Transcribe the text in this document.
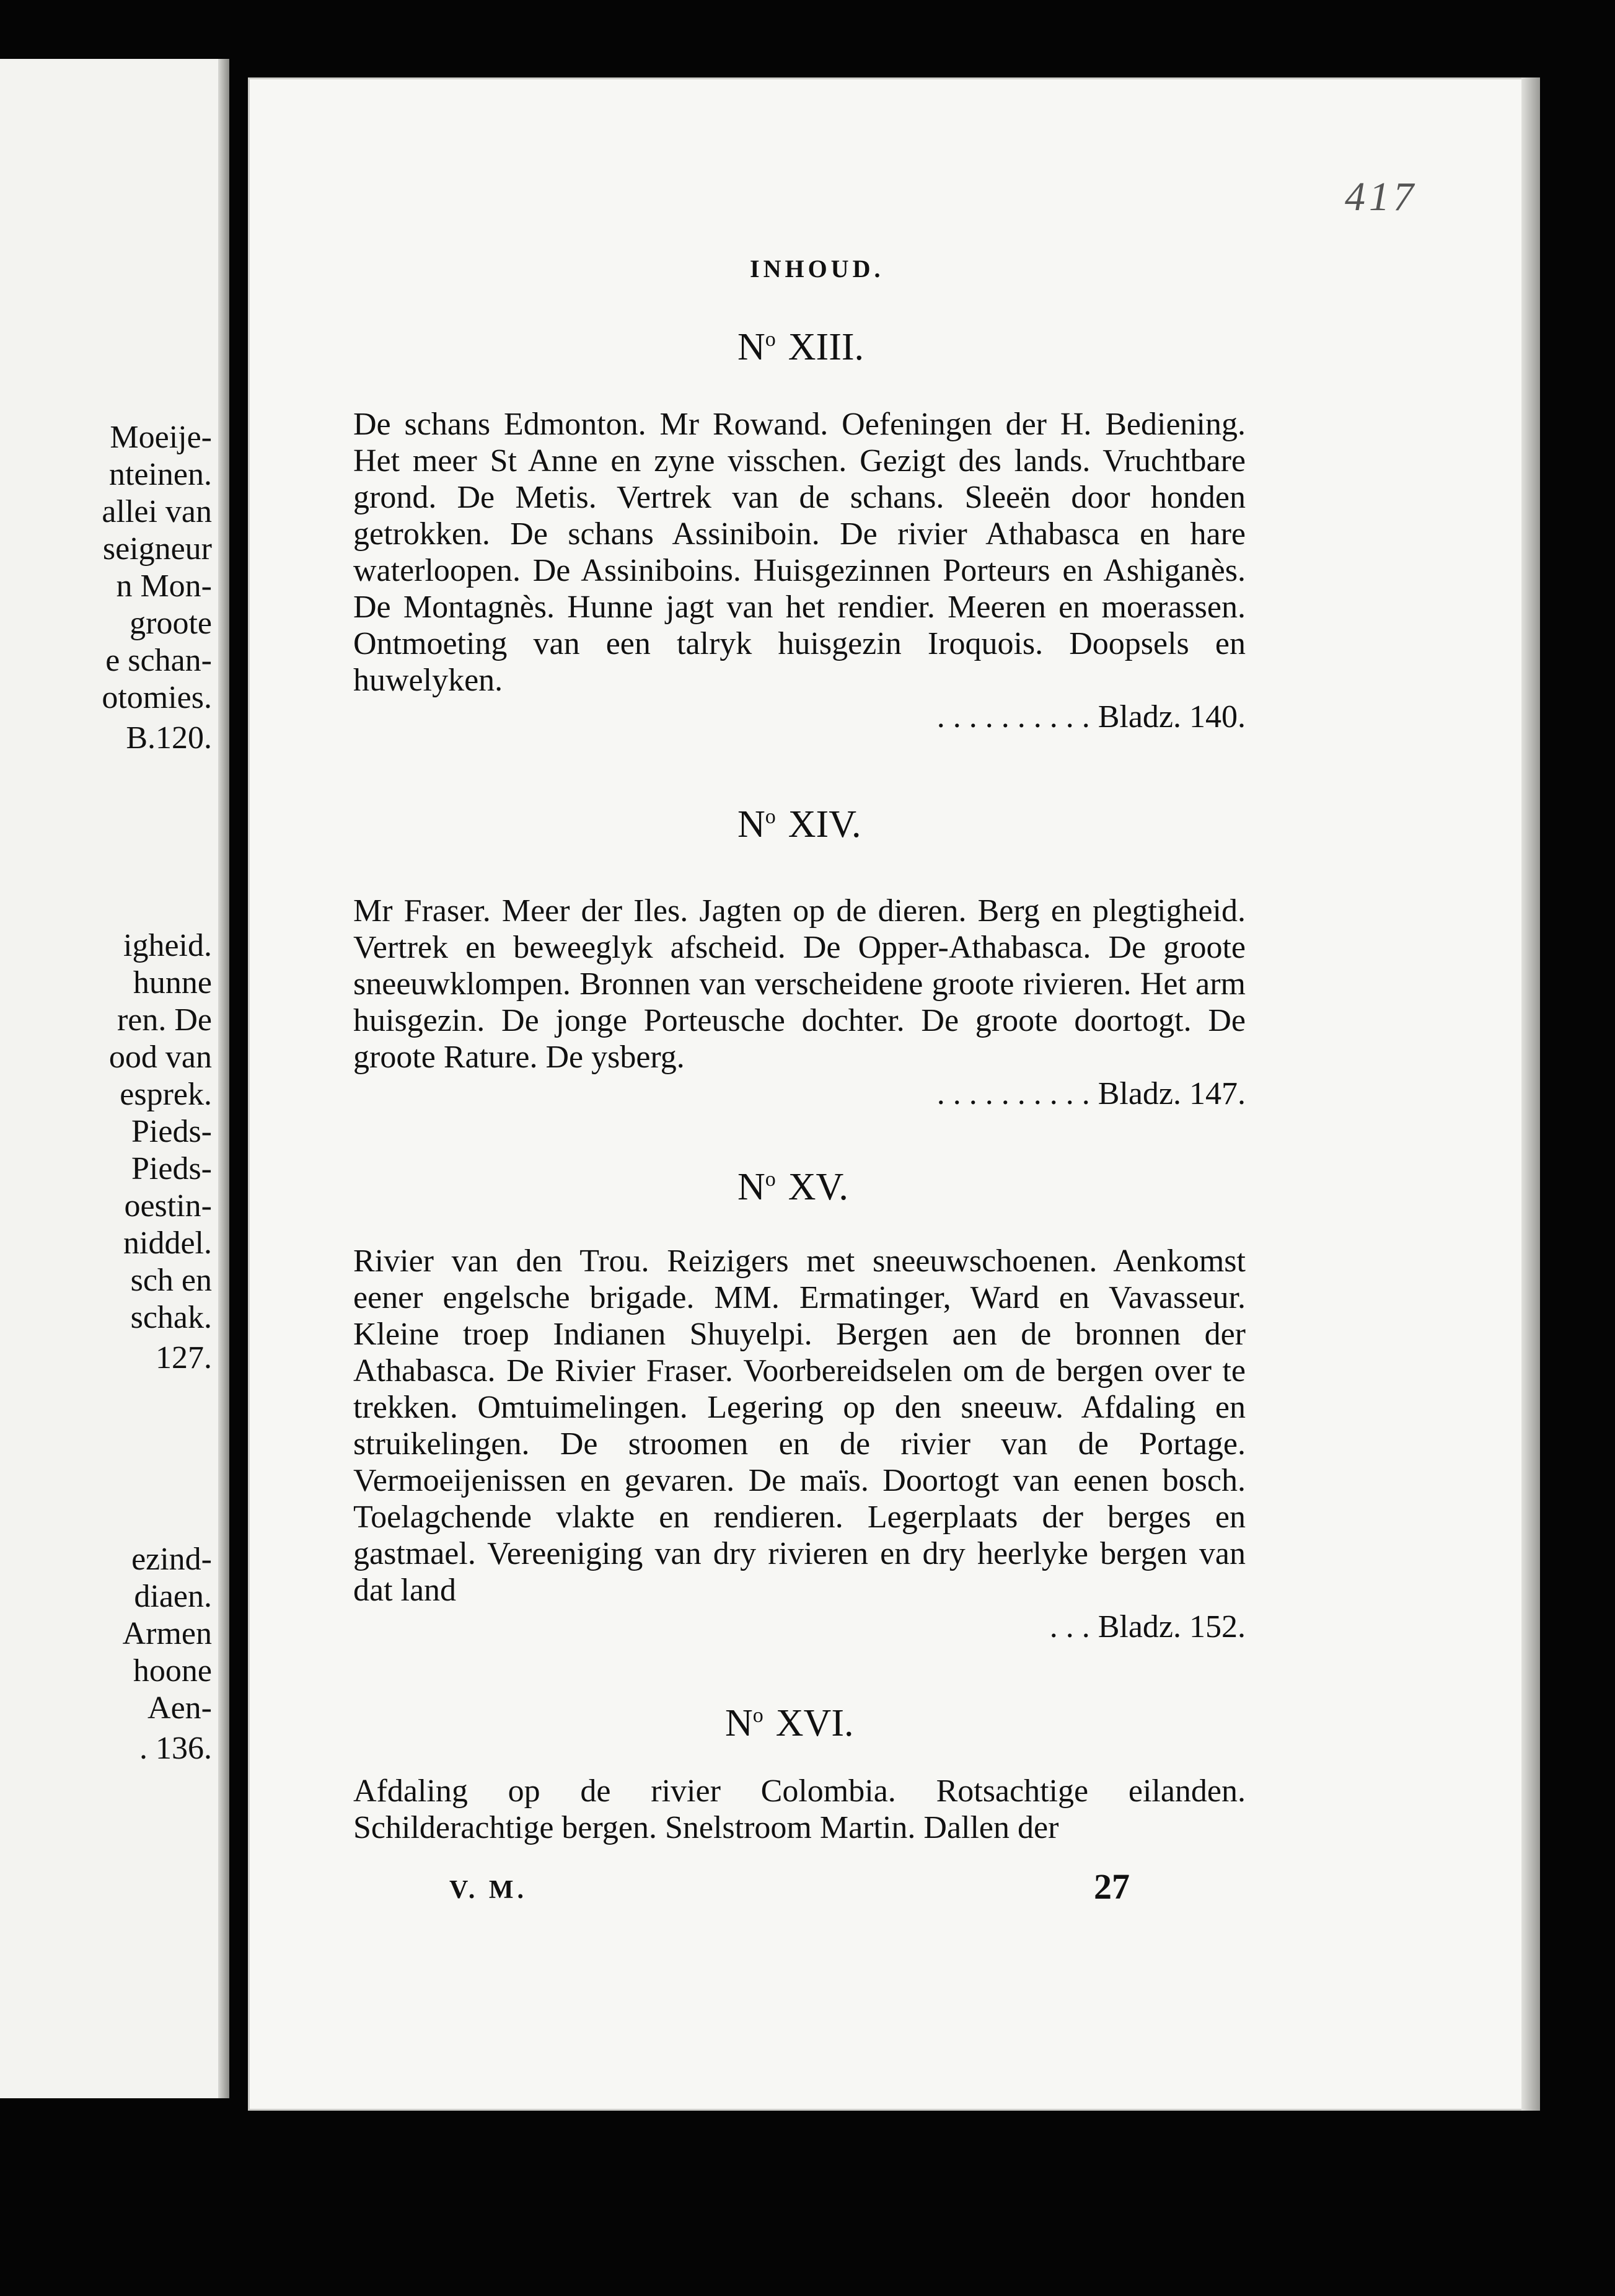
Moeije-
nteinen.
allei van
seigneur
n Mon-
groote
e schan-
otomies.
B.120.
igheid.
hunne
ren. De
ood van
esprek.
Pieds-
Pieds-
oestin-
niddel.
sch en
schak.
127.
ezind-
diaen.
Armen
hoone
Aen-
. 136.
417
INHOUD.
$N^o$ XIII.
De schans Edmonton. Mr Rowand. Oefeningen der H. Bediening. Het meer St Anne en zyne visschen. Gezigt des lands. Vruchtbare grond. De Metis. Vertrek van de schans. Sleeën door honden getrokken. De schans Assiniboin. De rivier Athabasca en hare waterloopen. De Assiniboins. Huisgezinnen Porteurs en Ashiganès. De Montagnès. Hunne jagt van het rendier. Meeren en moerassen. Ontmoeting van een talryk huisgezin Iroquois. Doopsels en huwelyken.
. . . . . . . . . . Bladz. 140.
$N^o$ XIV.
Mr Fraser. Meer der Iles. Jagten op de dieren. Berg en plegtigheid. Vertrek en beweeglyk afscheid. De Opper-Athabasca. De groote sneeuwklompen. Bronnen van verscheidene groote rivieren. Het arm huisgezin. De jonge Porteusche dochter. De groote doortogt. De groote Rature. De ysberg.
. . . . . . . . . . Bladz. 147.
$N^o$ XV.
Rivier van den Trou. Reizigers met sneeuwschoenen. Aenkomst eener engelsche brigade. MM. Ermatinger, Ward en Vavasseur. Kleine troep Indianen Shuyelpi. Bergen aen de bronnen der Athabasca. De Rivier Fraser. Voorbereidselen om de bergen over te trekken. Omtuimelingen. Legering op den sneeuw. Afdaling en struikelingen. De stroomen en de rivier van de Portage. Vermoeijenissen en gevaren. De maïs. Doortogt van eenen bosch. Toelagchende vlakte en rendieren. Legerplaats der berges en gastmael. Vereeniging van dry rivieren en dry heerlyke bergen van dat land
. . . Bladz. 152.
$N^o$ XVI.
Afdaling op de rivier Colombia. Rotsachtige eilanden. Schilderachtige bergen. Snelstroom Martin. Dallen der
V. M.	27
